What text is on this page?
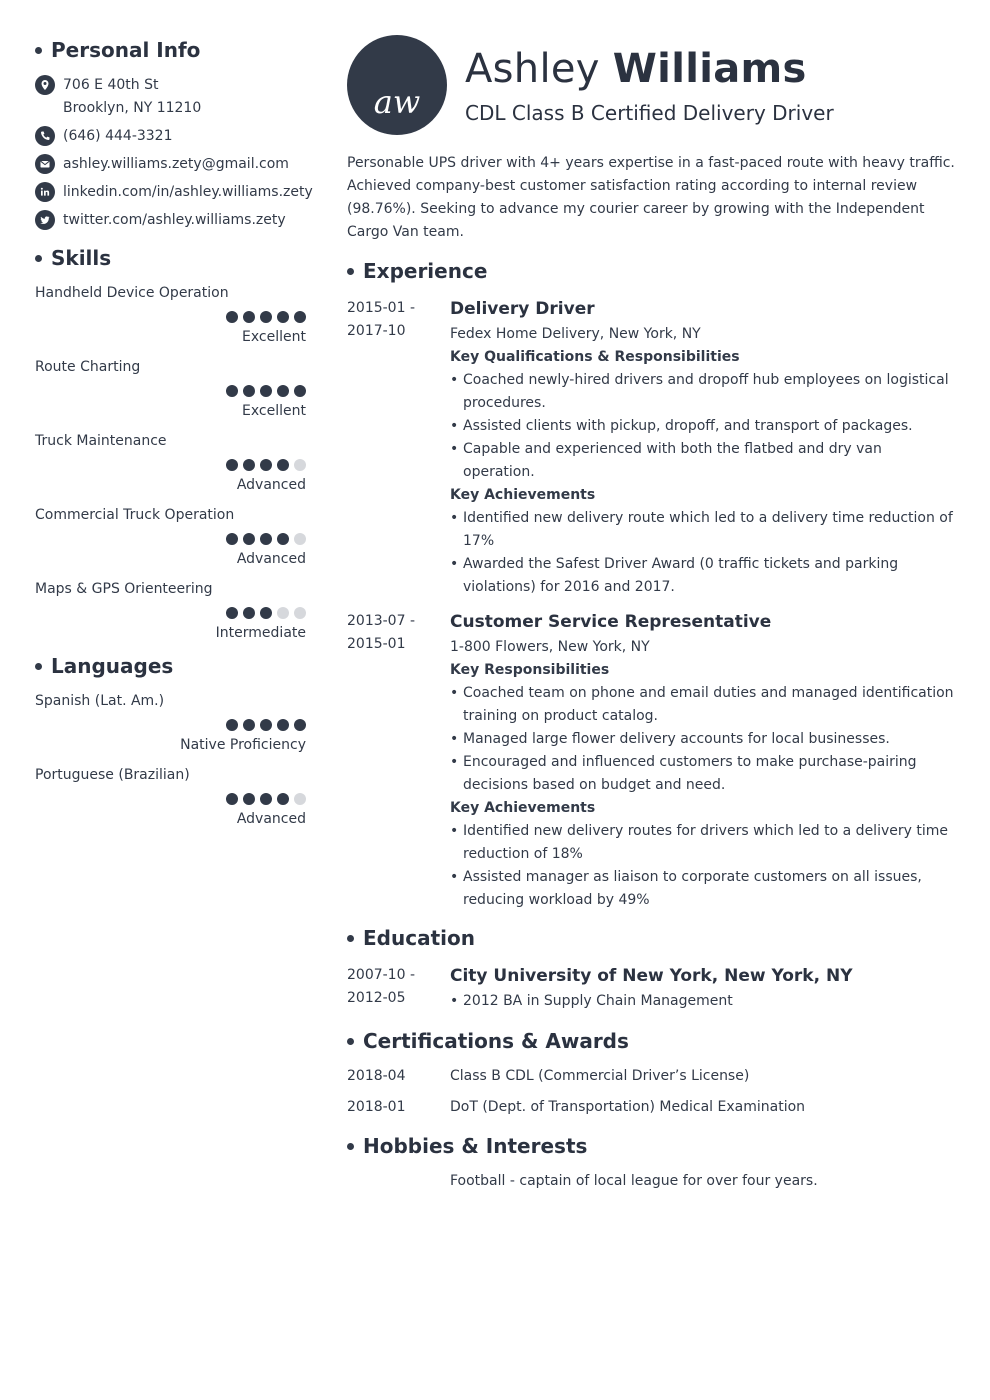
Personal Info
706 E 40th St
Brooklyn, NY 11210
(646) 444-3321
ashley.williams.zety@gmail.com
linkedin.com/in/ashley.williams.zety
twitter.com/ashley.williams.zety
Skills
Handheld Device Operation
Excellent
Route Charting
Excellent
Truck Maintenance
Advanced
Commercial Truck Operation
Advanced
Maps & GPS Orienteering
Intermediate
Languages
Spanish (Lat. Am.)
Native Proficiency
Portuguese (Brazilian)
Advanced
aw
Ashley Williams
CDL Class B Certified Delivery Driver
Personable UPS driver with 4+ years expertise in a fast-paced route with heavy traffic. Achieved company-best customer satisfaction rating according to internal review (98.76%). Seeking to advance my courier career by growing with the Independent Cargo Van team.
Experience
2015-01 -
2017-10
Delivery Driver
Fedex Home Delivery, New York, NY
Key Qualifications & Responsibilities
• Coached newly-hired drivers and dropoff hub employees on logistical procedures.
• Assisted clients with pickup, dropoff, and transport of packages.
• Capable and experienced with both the flatbed and dry van operation.
Key Achievements
• Identified new delivery route which led to a delivery time reduction of 17%
• Awarded the Safest Driver Award (0 traffic tickets and parking violations) for 2016 and 2017.
2013-07 -
2015-01
Customer Service Representative
1-800 Flowers, New York, NY
Key Responsibilities
• Coached team on phone and email duties and managed identification training on product catalog.
• Managed large flower delivery accounts for local businesses.
• Encouraged and influenced customers to make purchase-pairing decisions based on budget and need.
Key Achievements
• Identified new delivery routes for drivers which led to a delivery time reduction of 18%
• Assisted manager as liaison to corporate customers on all issues, reducing workload by 49%
Education
2007-10 -
2012-05
City University of New York, New York, NY
• 2012 BA in Supply Chain Management
Certifications & Awards
2018-04	Class B CDL (Commercial Driver’s License)
2018-01	DoT (Dept. of Transportation) Medical Examination
Hobbies & Interests
Football - captain of local league for over four years.
